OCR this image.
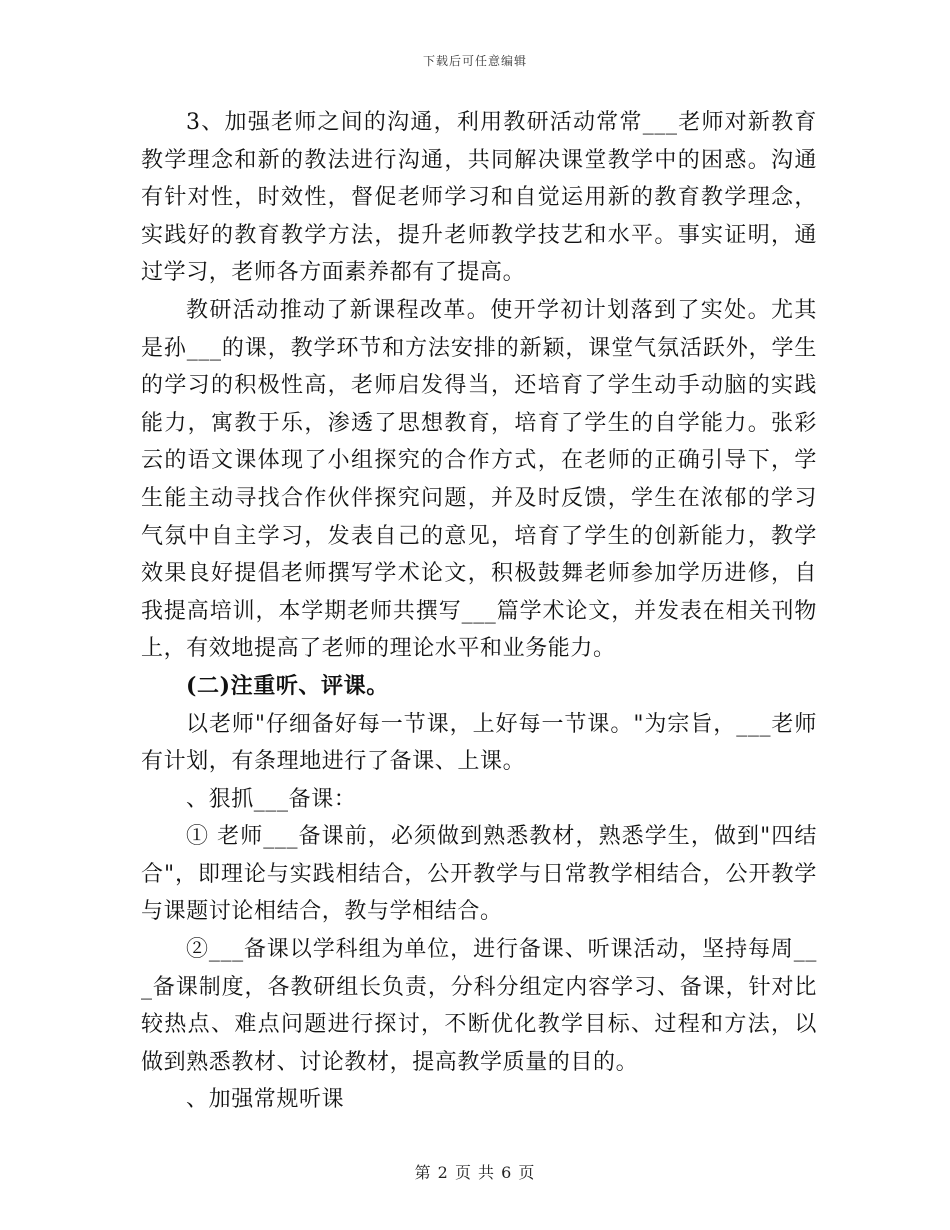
下载后可任意编辑

3、加强老师之间的沟通，利用教研活动常常___老师对新教育教学理念和新的教法进行沟通，共同解决课堂教学中的困惑。沟通有针对性，时效性，督促老师学习和自觉运用新的教育教学理念，实践好的教育教学方法，提升老师教学技艺和水平。事实证明，通过学习，老师各方面素养都有了提高。

教研活动推动了新课程改革。使开学初计划落到了实处。尤其是孙___的课，教学环节和方法安排的新颖，课堂气氛活跃外，学生的学习的积极性高，老师启发得当，还培育了学生动手动脑的实践能力，寓教于乐，渗透了思想教育，培育了学生的自学能力。张彩云的语文课体现了小组探究的合作方式，在老师的正确引导下，学生能主动寻找合作伙伴探究问题，并及时反馈，学生在浓郁的学习气氛中自主学习，发表自己的意见，培育了学生的创新能力，教学效果良好提倡老师撰写学术论文，积极鼓舞老师参加学历进修，自我提高培训，本学期老师共撰写___篇学术论文，并发表在相关刊物上，有效地提高了老师的理论水平和业务能力。

(二)注重听、评课。

以老师"仔细备好每一节课，上好每一节课。"为宗旨，___老师有计划，有条理地进行了备课、上课。

、狠抓___备课：

① 老师___备课前，必须做到熟悉教材，熟悉学生，做到"四结合"，即理论与实践相结合，公开教学与日常教学相结合，公开教学与课题讨论相结合，教与学相结合。

②___备课以学科组为单位，进行备课、听课活动，坚持每周___备课制度，各教研组长负责，分科分组定内容学习、备课，针对比较热点、难点问题进行探讨，不断优化教学目标、过程和方法，以做到熟悉教材、讨论教材，提高教学质量的目的。

、加强常规听课

第 2 页 共 6 页
